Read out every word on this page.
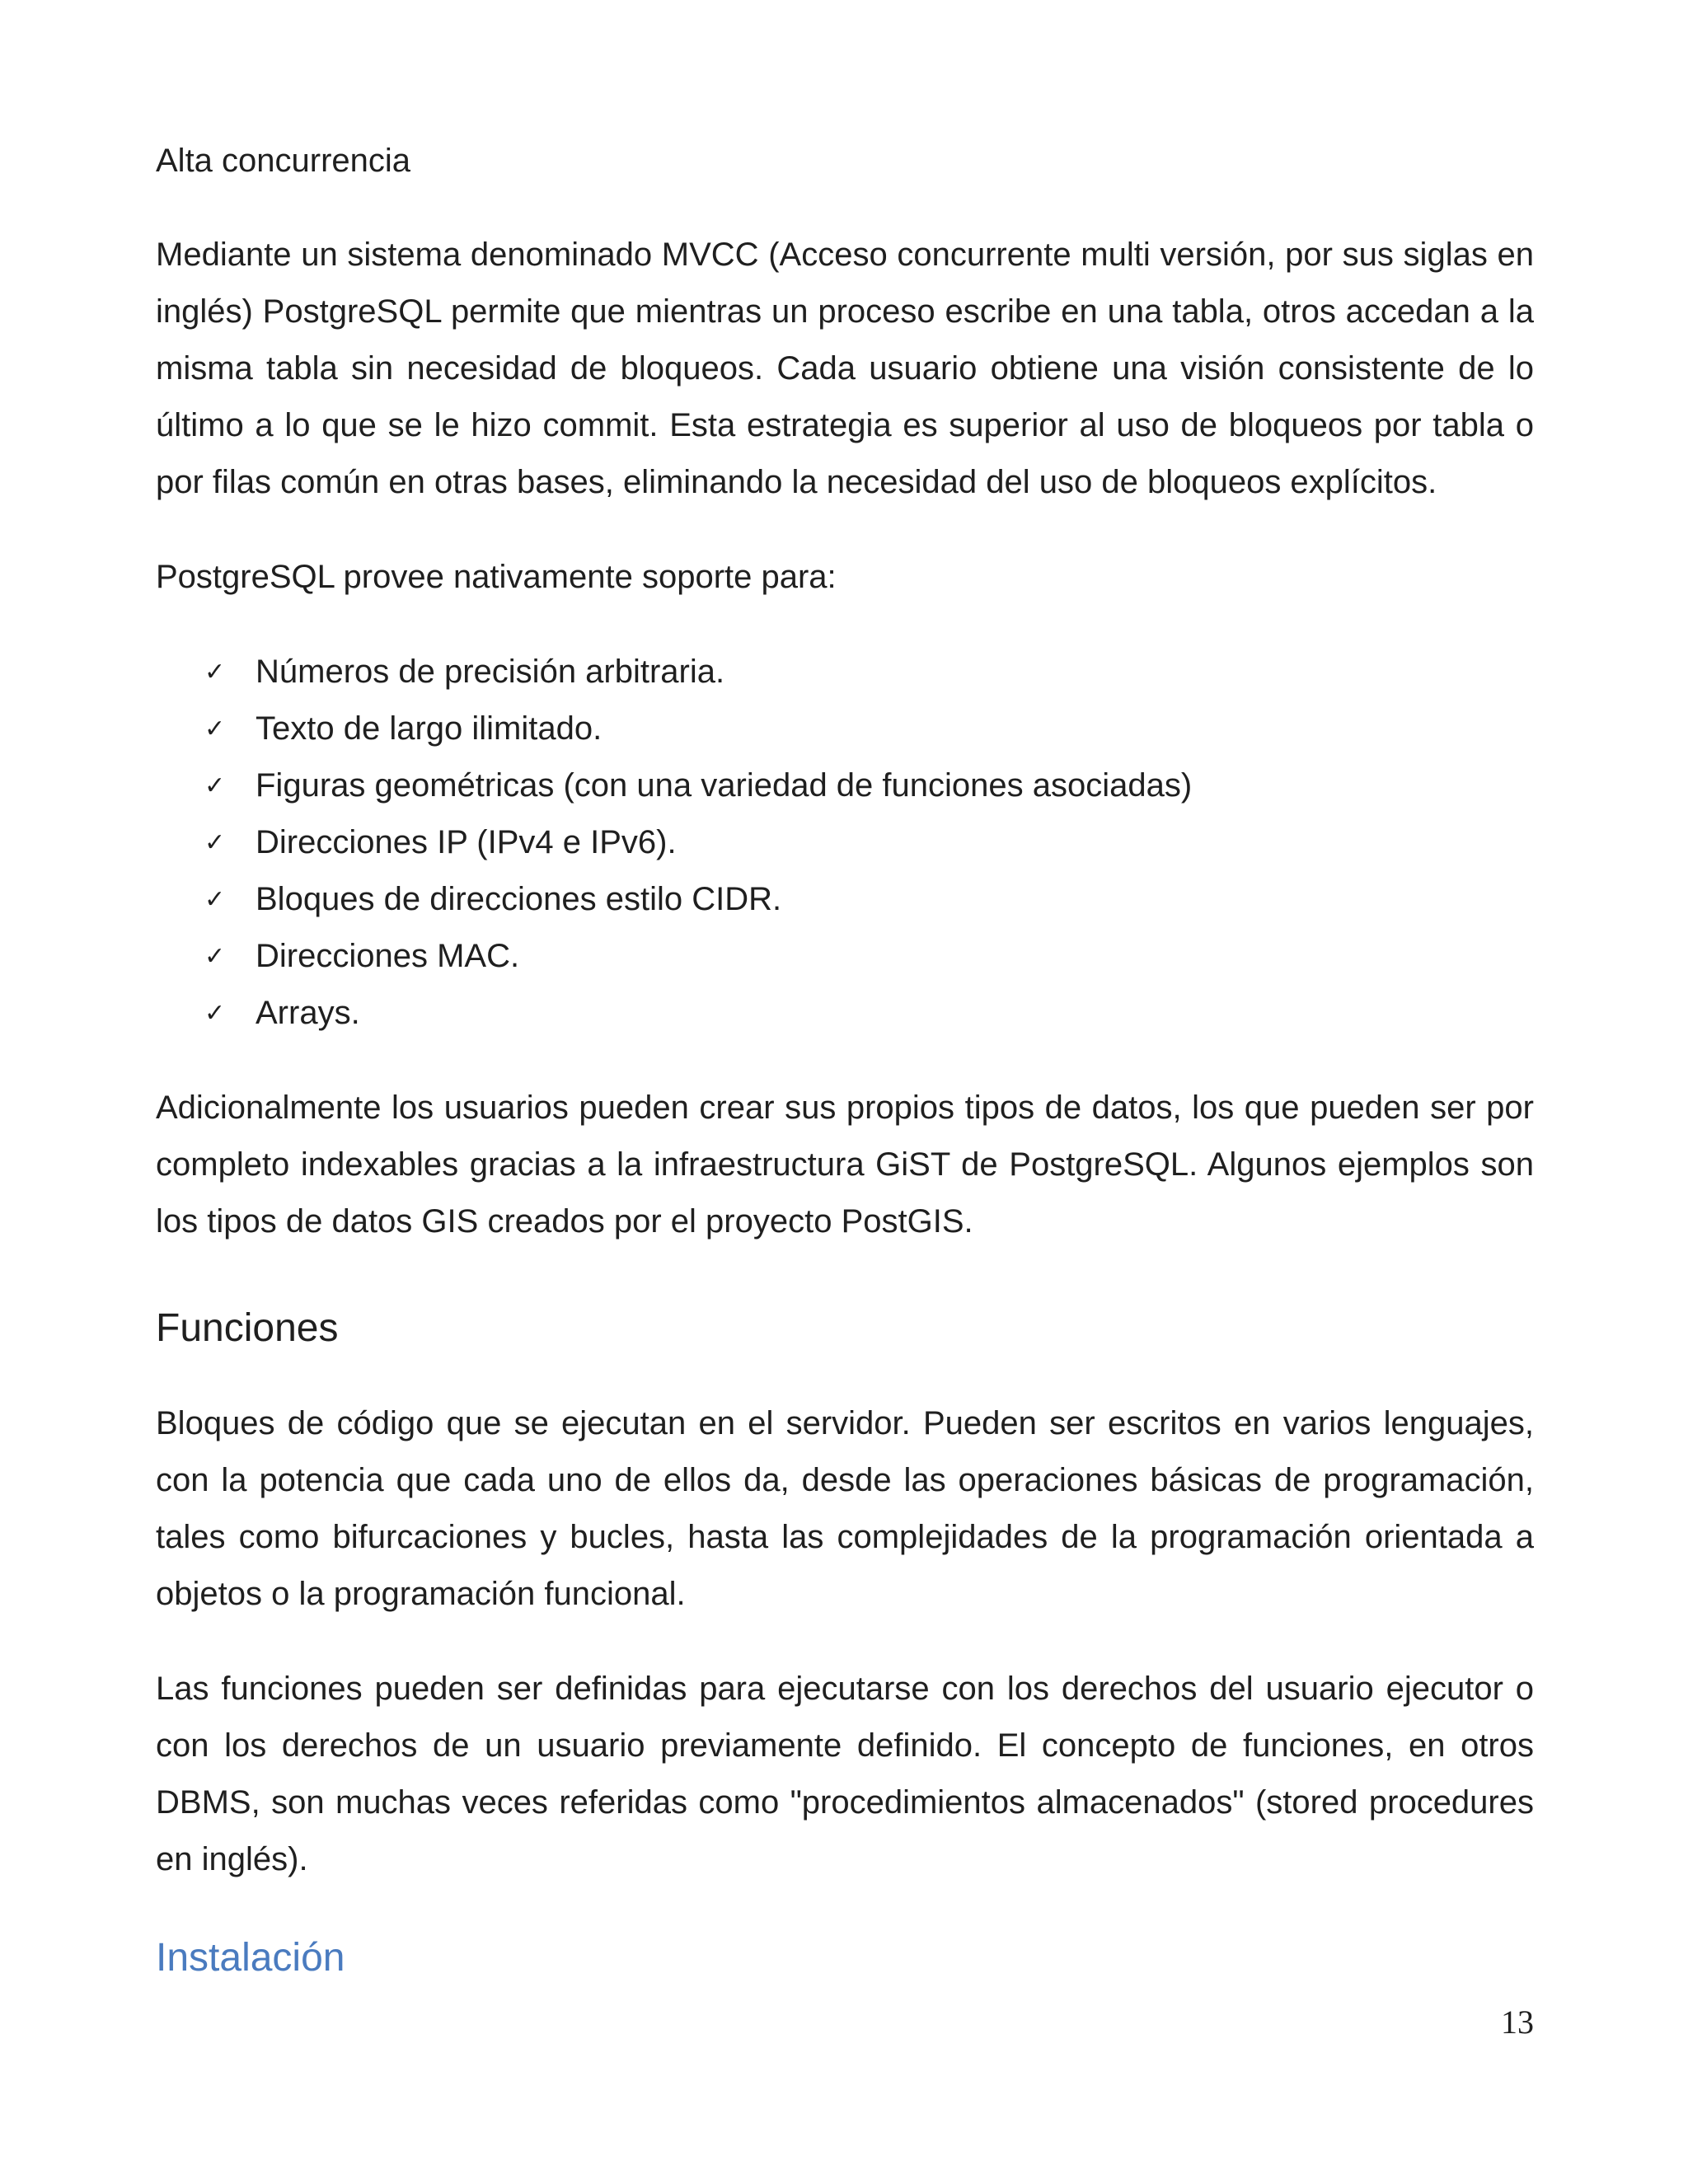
Alta concurrencia

Mediante un sistema denominado MVCC (Acceso concurrente multi versión, por sus siglas en inglés) PostgreSQL permite que mientras un proceso escribe en una tabla, otros accedan a la misma tabla sin necesidad de bloqueos. Cada usuario obtiene una visión consistente de lo último a lo que se le hizo commit. Esta estrategia es superior al uso de bloqueos por tabla o por filas común en otras bases, eliminando la necesidad del uso de bloqueos explícitos.

PostgreSQL provee nativamente soporte para:

✓ Números de precisión arbitraria.
✓ Texto de largo ilimitado.
✓ Figuras geométricas (con una variedad de funciones asociadas)
✓ Direcciones IP (IPv4 e IPv6).
✓ Bloques de direcciones estilo CIDR.
✓ Direcciones MAC.
✓ Arrays.

Adicionalmente los usuarios pueden crear sus propios tipos de datos, los que pueden ser por completo indexables gracias a la infraestructura GiST de PostgreSQL. Algunos ejemplos son los tipos de datos GIS creados por el proyecto PostGIS.

Funciones

Bloques de código que se ejecutan en el servidor. Pueden ser escritos en varios lenguajes, con la potencia que cada uno de ellos da, desde las operaciones básicas de programación, tales como bifurcaciones y bucles, hasta las complejidades de la programación orientada a objetos o la programación funcional.

Las funciones pueden ser definidas para ejecutarse con los derechos del usuario ejecutor o con los derechos de un usuario previamente definido. El concepto de funciones, en otros DBMS, son muchas veces referidas como "procedimientos almacenados" (stored procedures en inglés).

Instalación
13
